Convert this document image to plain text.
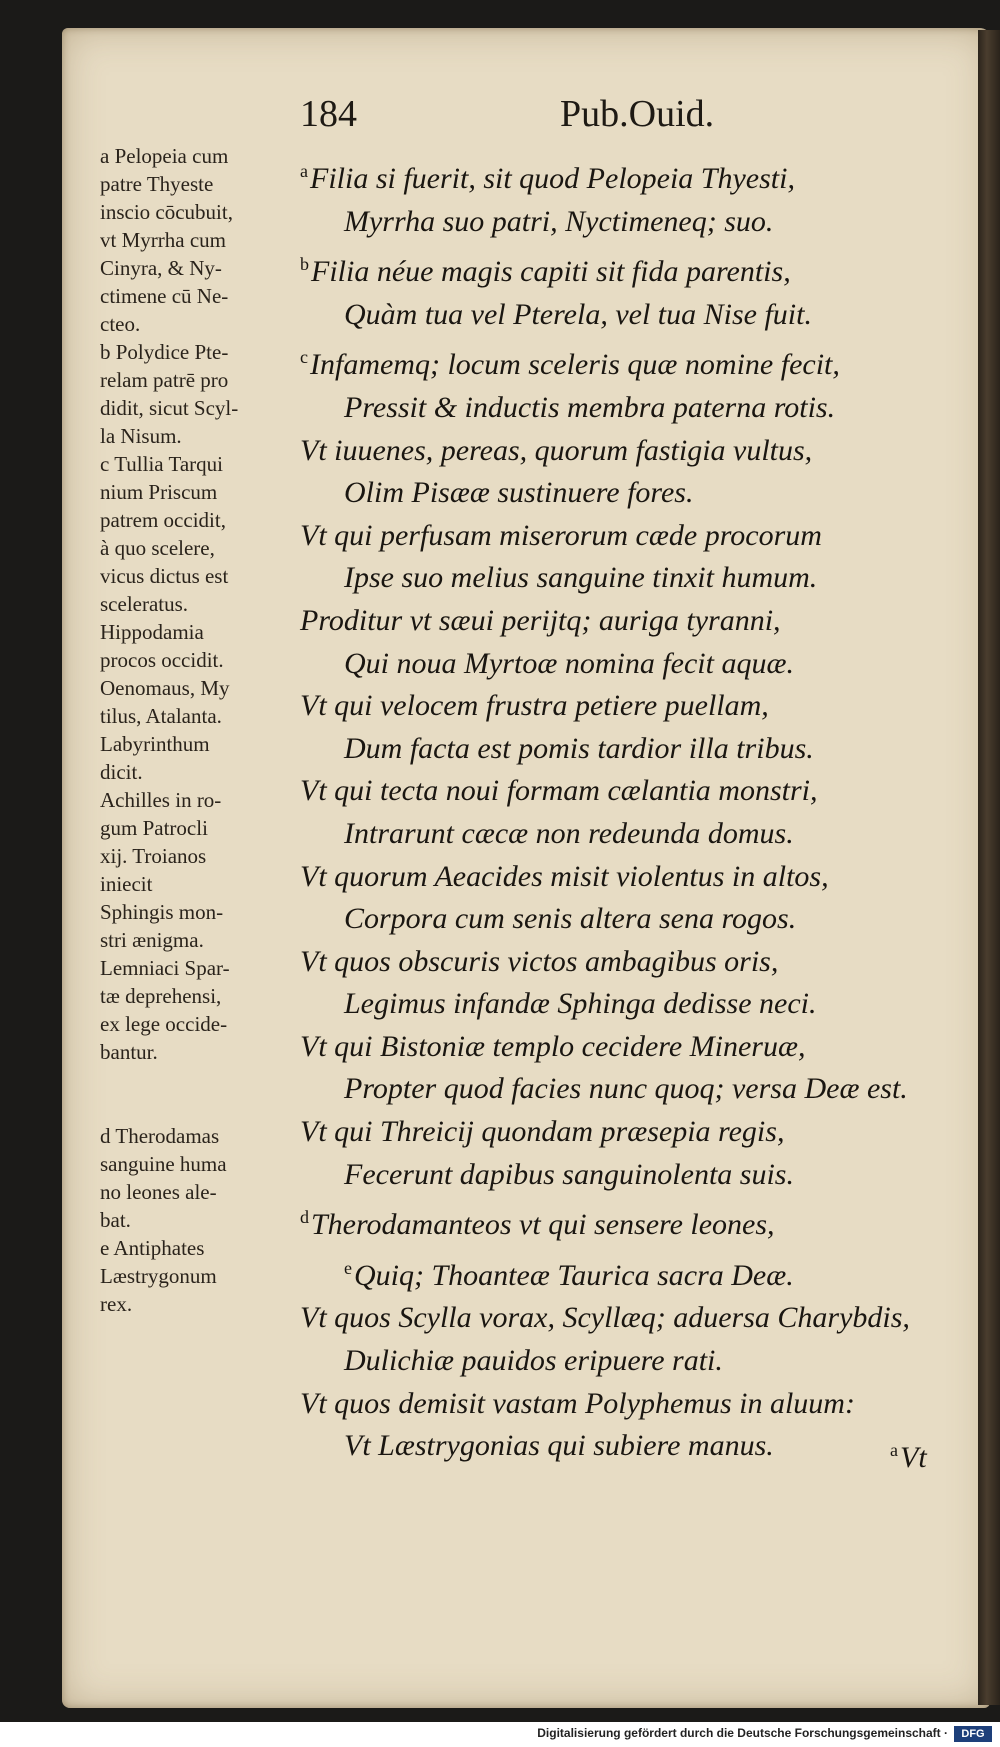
184	Pub.Ouid.
a Pelopeia cum
patre Thyeste
inscio cōcubuit,
vt Myrrha cum
Cinyra, & Ny-
ctimene cū Ne-
cteo.
b Polydice Pte-
relam patrē pro
didit, sicut Scyl-
la Nisum.
c Tullia Tarqui
nium Priscum
patrem occidit,
à quo scelere,
vicus dictus est
sceleratus.
Hippodamia
procos occidit.
Oenomaus, My
tilus, Atalanta.
Labyrinthum
dicit.
Achilles in ro-
gum Patrocli
xij. Troianos
iniecit
Sphingis mon-
stri ænigma.
Lemniaci Spar-
tæ deprehensi,
ex lege occide-
bantur.
d Therodamas
sanguine huma
no leones ale-
bat.
e Antiphates
Læstrygonum
rex.
$^a$Filia si fuerit, sit quod Pelopeia Thyesti,
Myrrha suo patri, Nyctimeneq; suo.
$^b$Filia néue magis capiti sit fida parentis,
Quàm tua vel Pterela, vel tua Nise fuit.
$^c$Infamemq; locum sceleris quæ nomine fecit,
Pressit & inductis membra paterna rotis.
Vt iuuenes, pereas, quorum fastigia vultus,
Olim Pisææ sustinuere fores.
Vt qui perfusam miserorum cæde procorum
Ipse suo melius sanguine tinxit humum.
Proditur vt sæui perijtq; auriga tyranni,
Qui noua Myrtoæ nomina fecit aquæ.
Vt qui velocem frustra petiere puellam,
Dum facta est pomis tardior illa tribus.
Vt qui tecta noui formam cælantia monstri,
Intrarunt cæcæ non redeunda domus.
Vt quorum Aeacides misit violentus in altos,
Corpora cum senis altera sena rogos.
Vt quos obscuris victos ambagibus oris,
Legimus infandæ Sphinga dedisse neci.
Vt qui Bistoniæ templo cecidere Mineruæ,
Propter quod facies nunc quoq; versa Deæ est.
Vt qui Threicij quondam præsepia regis,
Fecerunt dapibus sanguinolenta suis.
$^d$Therodamanteos vt qui sensere leones,
$^e$Quiq; Thoanteæ Taurica sacra Deæ.
Vt quos Scylla vorax, Scyllæq; aduersa Charybdis,
Dulichiæ pauidos eripuere rati.
Vt quos demisit vastam Polyphemus in aluum:
Vt Læstrygonias qui subiere manus.	$^a$Vt
Digitalisierung gefördert durch die Deutsche Forschungsgemeinschaft ·	DFG
